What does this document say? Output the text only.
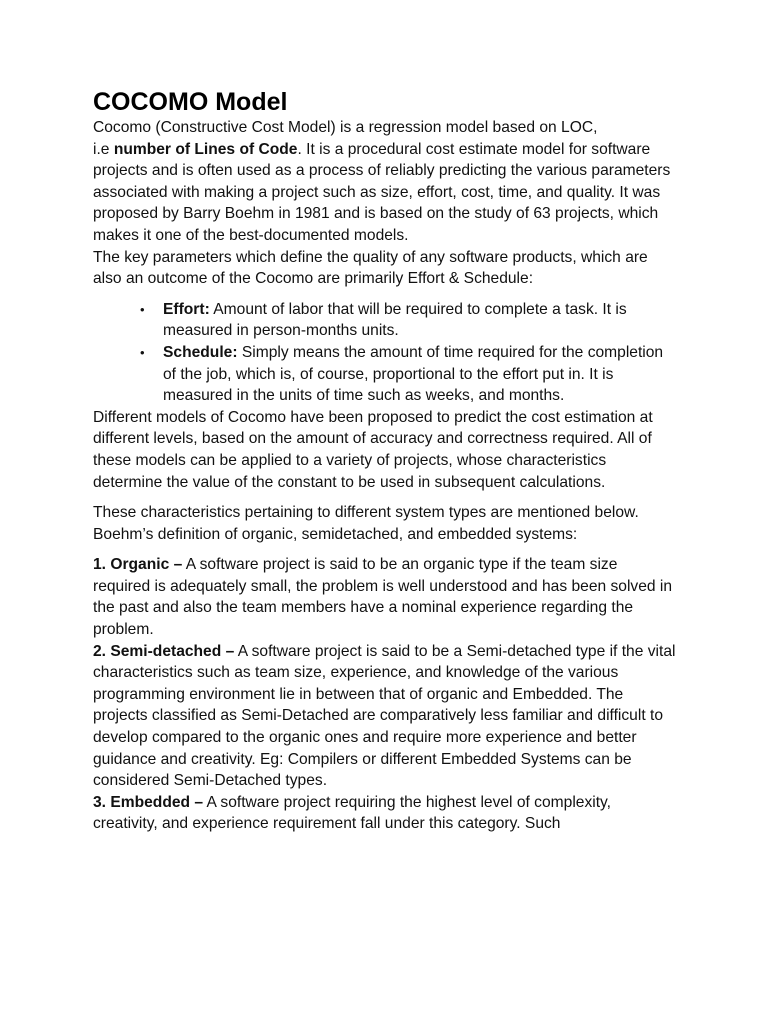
COCOMO Model

Cocomo (Constructive Cost Model) is a regression model based on LOC,
i.e number of Lines of Code. It is a procedural cost estimate model for software projects and is often used as a process of reliably predicting the various parameters associated with making a project such as size, effort, cost, time, and quality. It was proposed by Barry Boehm in 1981 and is based on the study of 63 projects, which makes it one of the best-documented models.

The key parameters which define the quality of any software products, which are also an outcome of the Cocomo are primarily Effort & Schedule:

• Effort: Amount of labor that will be required to complete a task. It is measured in person-months units.
• Schedule: Simply means the amount of time required for the completion of the job, which is, of course, proportional to the effort put in. It is measured in the units of time such as weeks, and months.

Different models of Cocomo have been proposed to predict the cost estimation at different levels, based on the amount of accuracy and correctness required. All of these models can be applied to a variety of projects, whose characteristics determine the value of the constant to be used in subsequent calculations.

These characteristics pertaining to different system types are mentioned below. Boehm’s definition of organic, semidetached, and embedded systems:

1. Organic – A software project is said to be an organic type if the team size required is adequately small, the problem is well understood and has been solved in the past and also the team members have a nominal experience regarding the problem.

2. Semi-detached – A software project is said to be a Semi-detached type if the vital characteristics such as team size, experience, and knowledge of the various programming environment lie in between that of organic and Embedded. The projects classified as Semi-Detached are comparatively less familiar and difficult to develop compared to the organic ones and require more experience and better guidance and creativity. Eg: Compilers or different Embedded Systems can be considered Semi-Detached types.

3. Embedded – A software project requiring the highest level of complexity, creativity, and experience requirement fall under this category. Such
